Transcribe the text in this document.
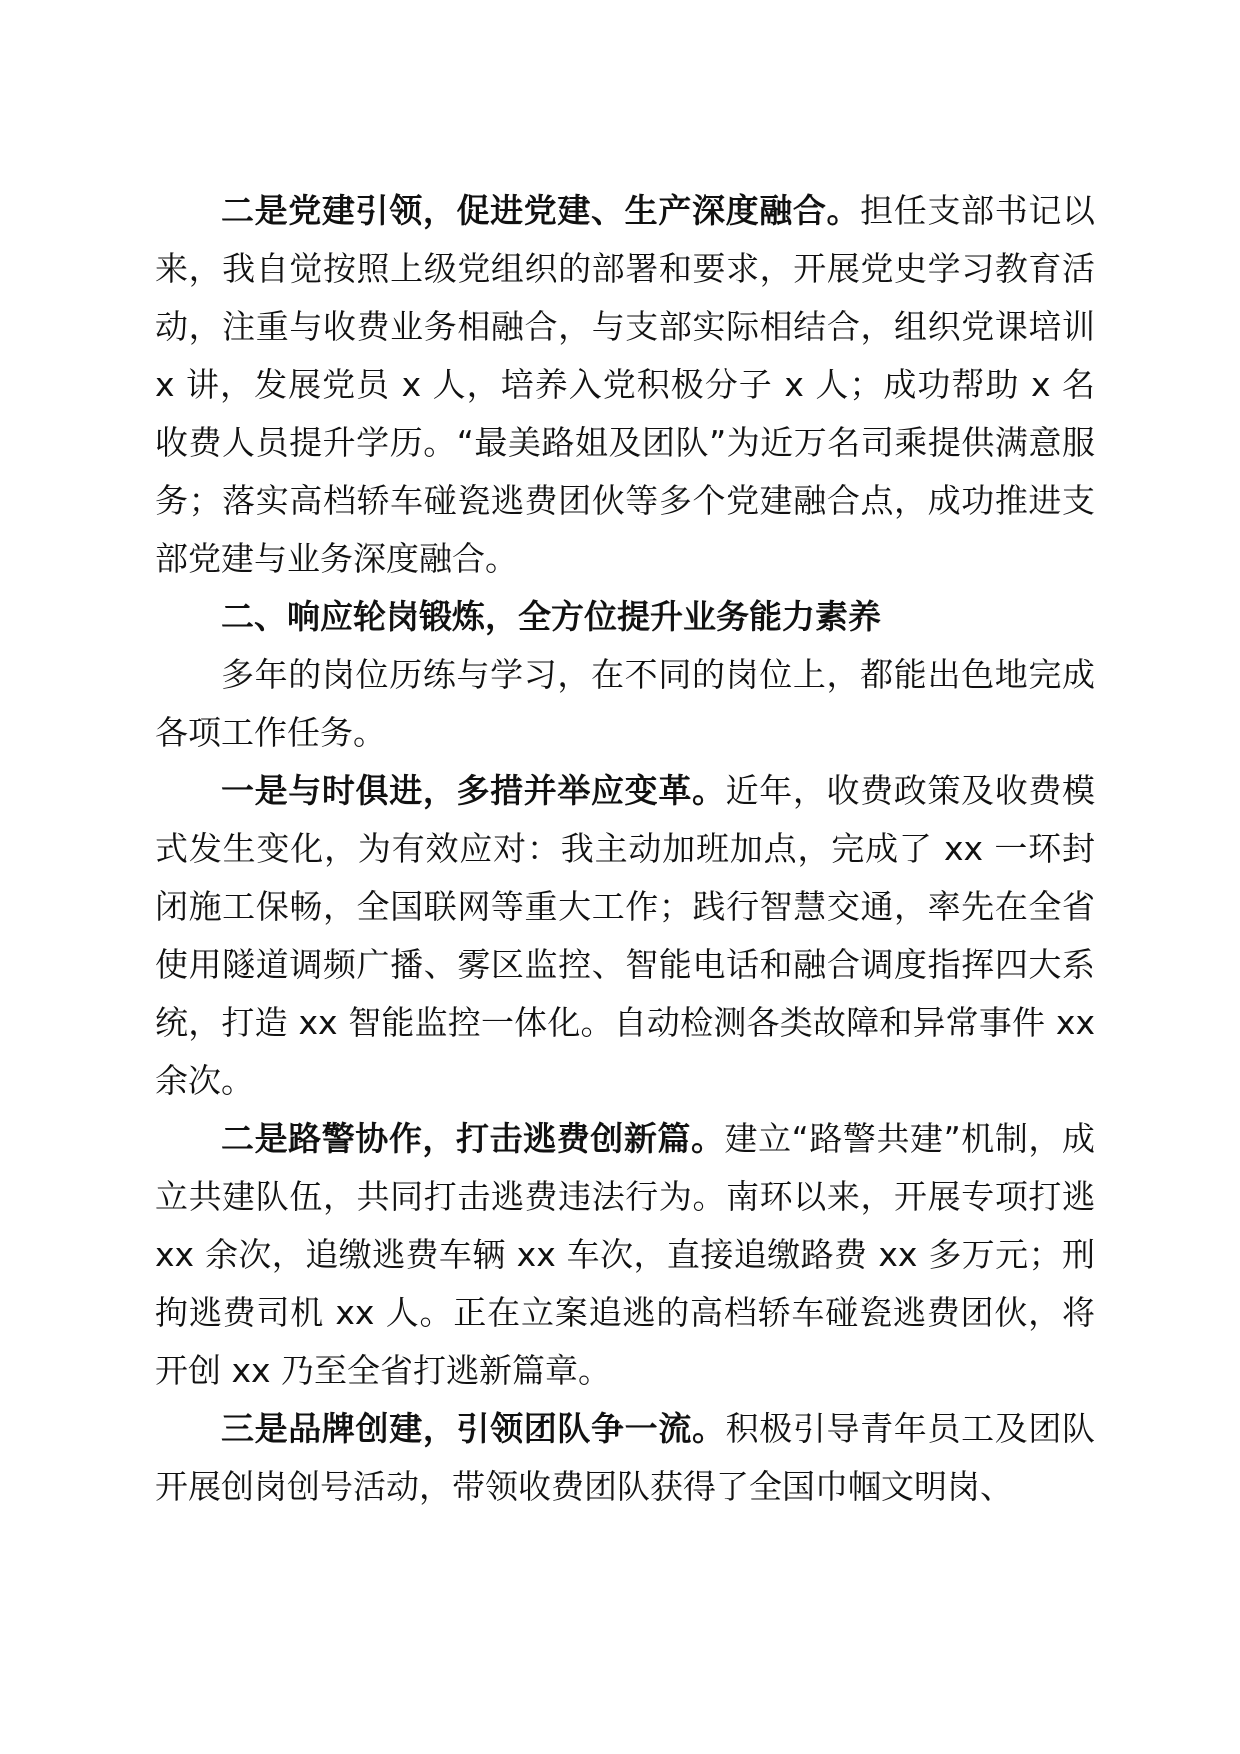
二是党建引领，促进党建、生产深度融合。担任支部书记以来，我自觉按照上级党组织的部署和要求，开展党史学习教育活动，注重与收费业务相融合，与支部实际相结合，组织党课培训 x 讲，发展党员 x 人，培养入党积极分子 x 人；成功帮助 x 名收费人员提升学历。“最美路姐及团队”为近万名司乘提供满意服务；落实高档轿车碰瓷逃费团伙等多个党建融合点，成功推进支部党建与业务深度融合。

二、响应轮岗锻炼，全方位提升业务能力素养

多年的岗位历练与学习，在不同的岗位上，都能出色地完成各项工作任务。

一是与时俱进，多措并举应变革。近年，收费政策及收费模式发生变化，为有效应对：我主动加班加点，完成了 xx 一环封闭施工保畅，全国联网等重大工作；践行智慧交通，率先在全省使用隧道调频广播、雾区监控、智能电话和融合调度指挥四大系统，打造 xx 智能监控一体化。自动检测各类故障和异常事件 xx 余次。

二是路警协作，打击逃费创新篇。建立“路警共建”机制，成立共建队伍，共同打击逃费违法行为。南环以来，开展专项打逃 xx 余次，追缴逃费车辆 xx 车次，直接追缴路费 xx 多万元；刑拘逃费司机 xx 人。正在立案追逃的高档轿车碰瓷逃费团伙，将开创 xx 乃至全省打逃新篇章。

三是品牌创建，引领团队争一流。积极引导青年员工及团队开展创岗创号活动，带领收费团队获得了全国巾帼文明岗、
